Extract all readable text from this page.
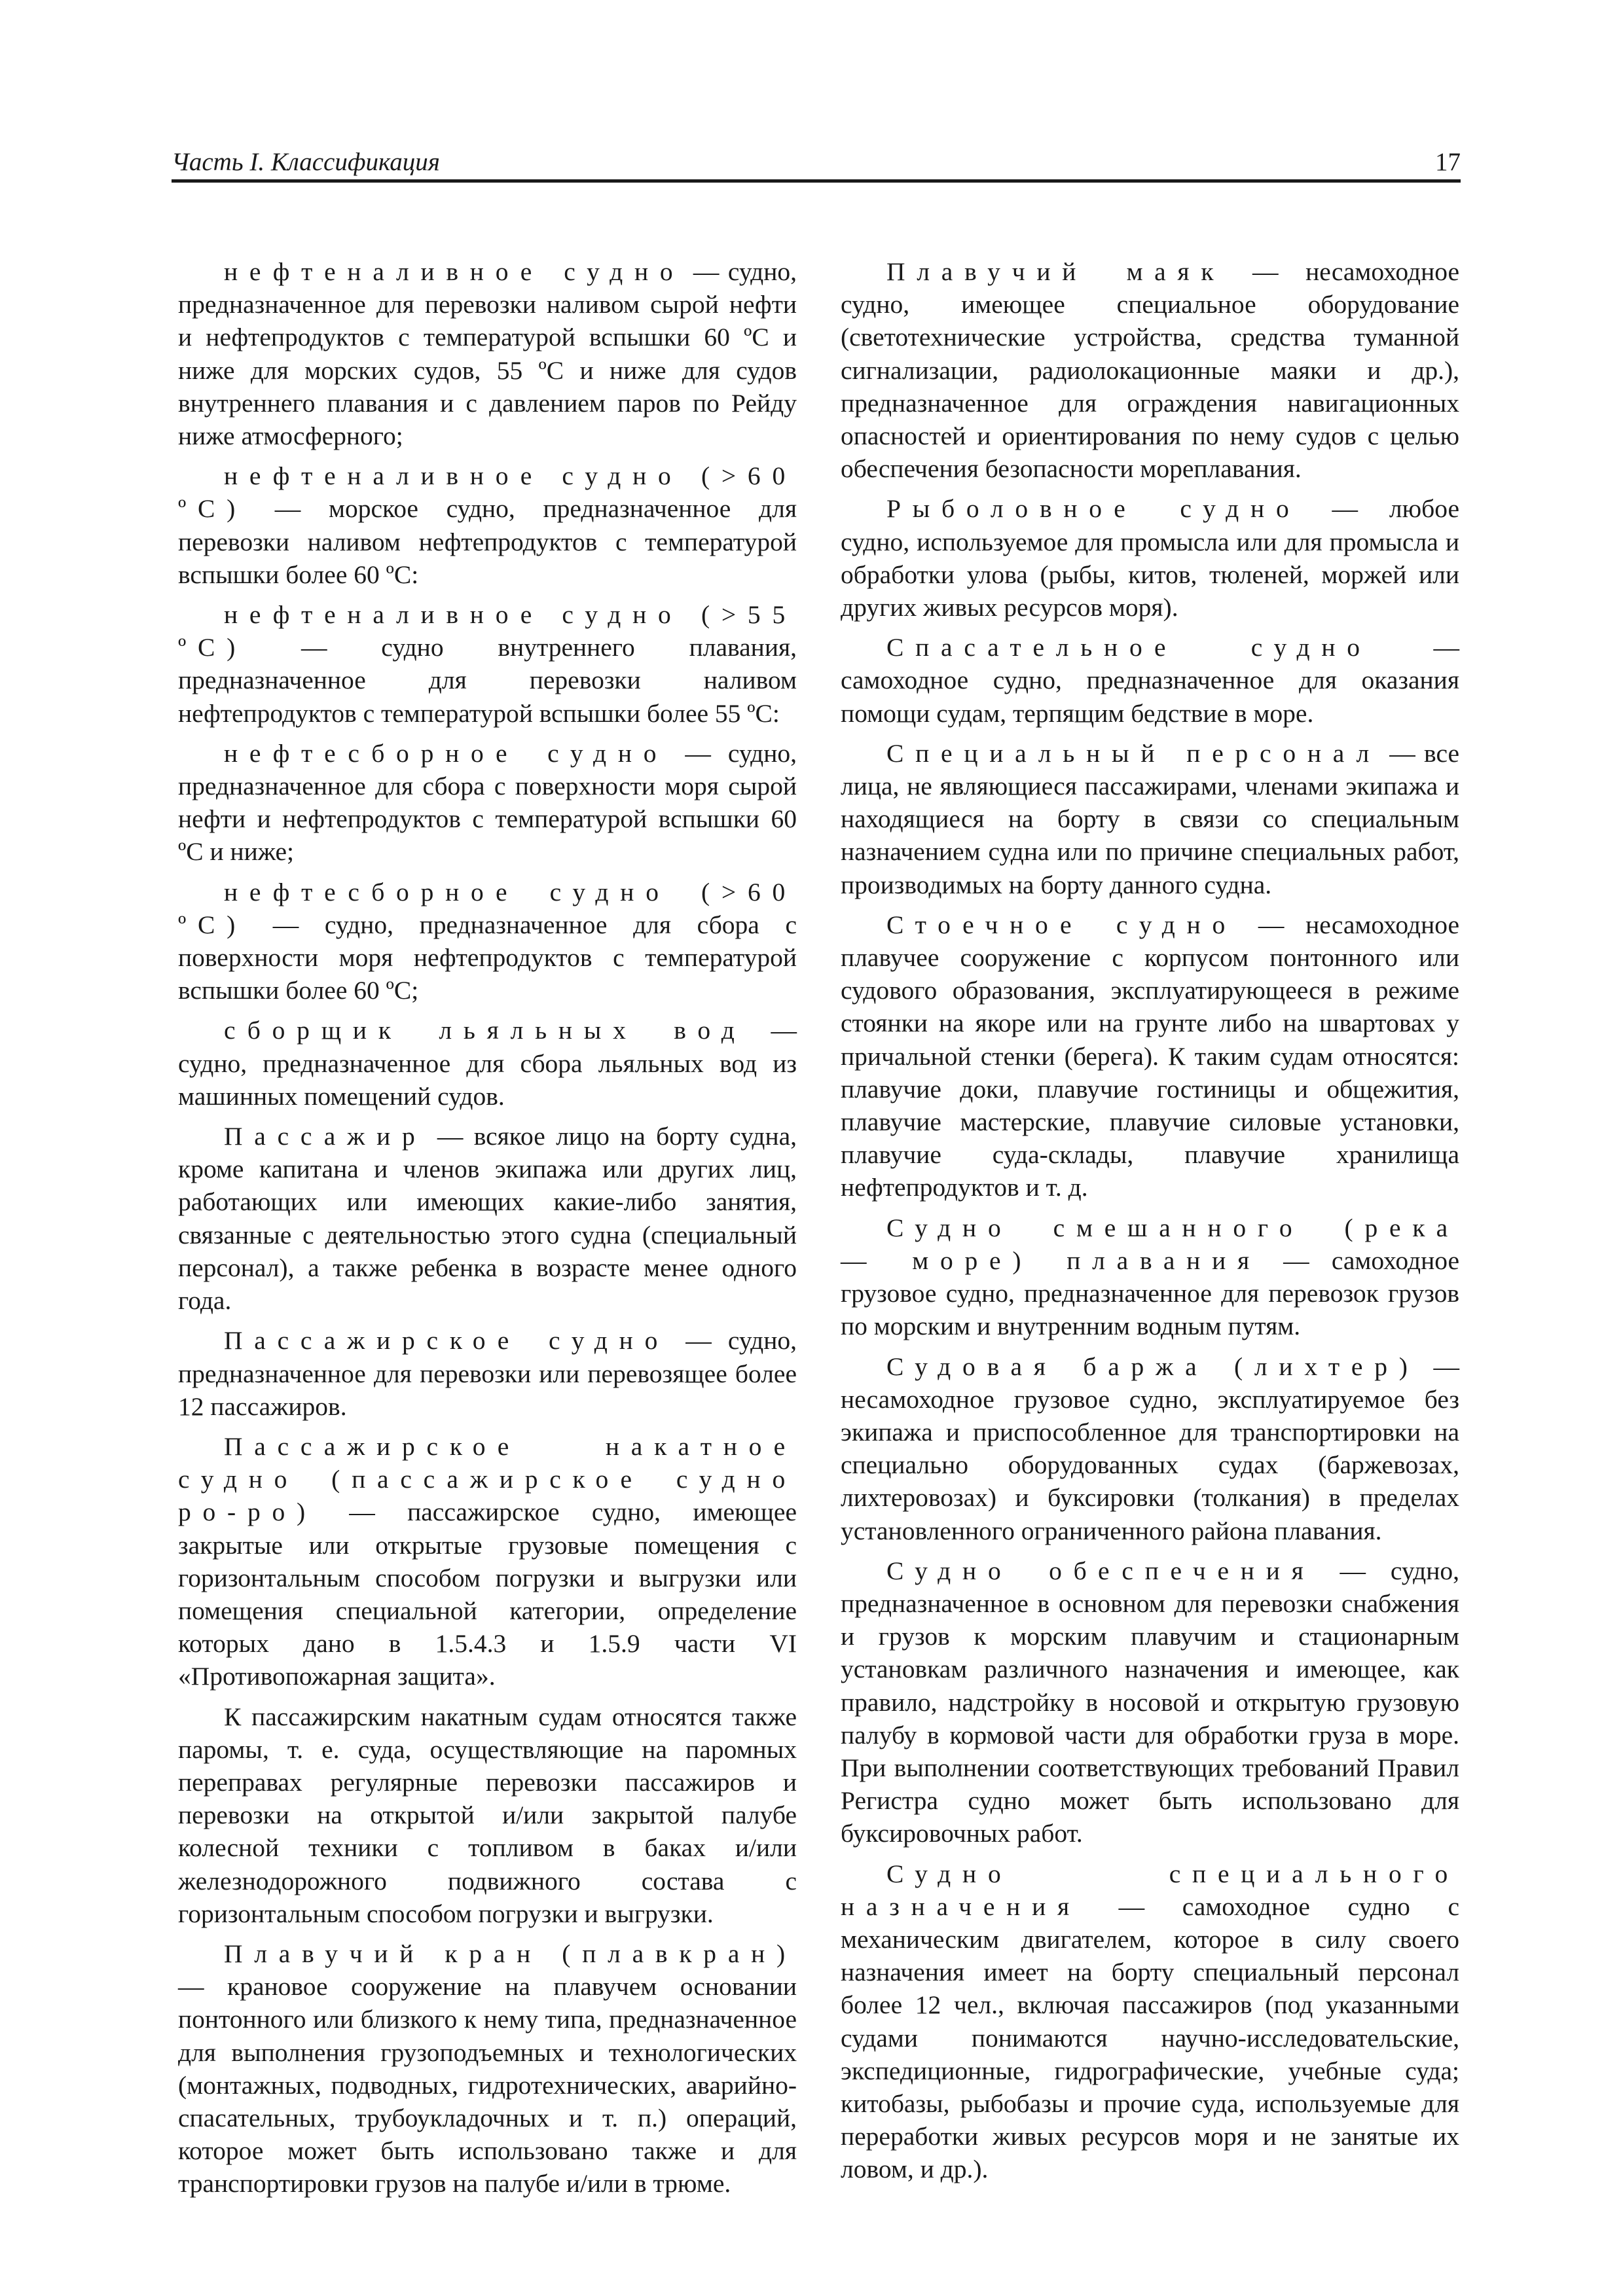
Часть I. Классификация	17

нефтеналивное судно — судно, предназначенное для перевозки наливом сырой нефти и нефтепродуктов с температурой вспышки 60 ºС и ниже для морских судов, 55 ºС и ниже для судов внутреннего плавания и с давлением паров по Рейду ниже атмосферного;

нефтеналивное судно (>60 ºС) — морское судно, предназначенное для перевозки наливом нефтепродуктов с температурой вспышки более 60 ºС:

нефтеналивное судно (>55 ºС) — судно внутреннего плавания, предназначенное для перевозки наливом нефтепродуктов с температурой вспышки более 55 ºС:

нефтесборное судно — судно, предназначенное для сбора с поверхности моря сырой нефти и нефтепродуктов с температурой вспышки 60 ºС и ниже;

нефтесборное судно (>60 ºС) — судно, предназначенное для сбора с поверхности моря нефтепродуктов с температурой вспышки более 60 ºС;

сборщик льяльных вод — судно, предназначенное для сбора льяльных вод из машинных помещений судов.

Пассажир — всякое лицо на борту судна, кроме капитана и членов экипажа или других лиц, работающих или имеющих какие-либо занятия, связанные с деятельностью этого судна (специальный персонал), а также ребенка в возрасте менее одного года.

Пассажирское судно — судно, предназначенное для перевозки или перевозящее более 12 пассажиров.

Пассажирское накатное судно (пассажирское судно ро-ро) — пассажирское судно, имеющее закрытые или открытые грузовые помещения с горизонтальным способом погрузки и выгрузки или помещения специальной категории, определение которых дано в 1.5.4.3 и 1.5.9 части VI «Противопожарная защита».

К пассажирским накатным судам относятся также паромы, т. е. суда, осуществляющие на паромных переправах регулярные перевозки пассажиров и перевозки на открытой и/или закрытой палубе колесной техники с топливом в баках и/или железнодорожного подвижного состава с горизонтальным способом погрузки и выгрузки.

Плавучий кран (плавкран) — крановое сооружение на плавучем основании понтонного или близкого к нему типа, предназначенное для выполнения грузоподъемных и технологических (монтажных, подводных, гидротехнических, аварийно-спасательных, трубоукладочных и т. п.) операций, которое может быть использовано также и для транспортировки грузов на палубе и/или в трюме.

Плавучий маяк — несамоходное судно, имеющее специальное оборудование (светотехнические устройства, средства туманной сигнализации, радиолокационные маяки и др.), предназначенное для ограждения навигационных опасностей и ориентирования по нему судов с целью обеспечения безопасности мореплавания.

Рыболовное судно — любое судно, используемое для промысла или для промысла и обработки улова (рыбы, китов, тюленей, моржей или других живых ресурсов моря).

Спасательное судно — самоходное судно, предназначенное для оказания помощи судам, терпящим бедствие в море.

Специальный персонал — все лица, не являющиеся пассажирами, членами экипажа и находящиеся на борту в связи со специальным назначением судна или по причине специальных работ, производимых на борту данного судна.

Стоечное судно — несамоходное плавучее сооружение с корпусом понтонного или судового образования, эксплуатирующееся в режиме стоянки на якоре или на грунте либо на швартовах у причальной стенки (берега). К таким судам относятся: плавучие доки, плавучие гостиницы и общежития, плавучие мастерские, плавучие силовые установки, плавучие суда-склады, плавучие хранилища нефтепродуктов и т. д.

Судно смешанного (река — море) плавания — самоходное грузовое судно, предназначенное для перевозок грузов по морским и внутренним водным путям.

Судовая баржа (лихтер) — несамоходное грузовое судно, эксплуатируемое без экипажа и приспособленное для транспортировки на специально оборудованных судах (баржевозах, лихтеровозах) и буксировки (толкания) в пределах установленного ограниченного района плавания.

Судно обеспечения — судно, предназначенное в основном для перевозки снабжения и грузов к морским плавучим и стационарным установкам различного назначения и имеющее, как правило, надстройку в носовой и открытую грузовую палубу в кормовой части для обработки груза в море. При выполнении соответствующих требований Правил Регистра судно может быть использовано для буксировочных работ.

Судно специального назначения — самоходное судно с механическим двигателем, которое в силу своего назначения имеет на борту специальный персонал более 12 чел., включая пассажиров (под указанными судами понимаются научно-исследовательские, экспедиционные, гидрографические, учебные суда; китобазы, рыбобазы и прочие суда, используемые для переработки живых ресурсов моря и не занятые их ловом, и др.).
